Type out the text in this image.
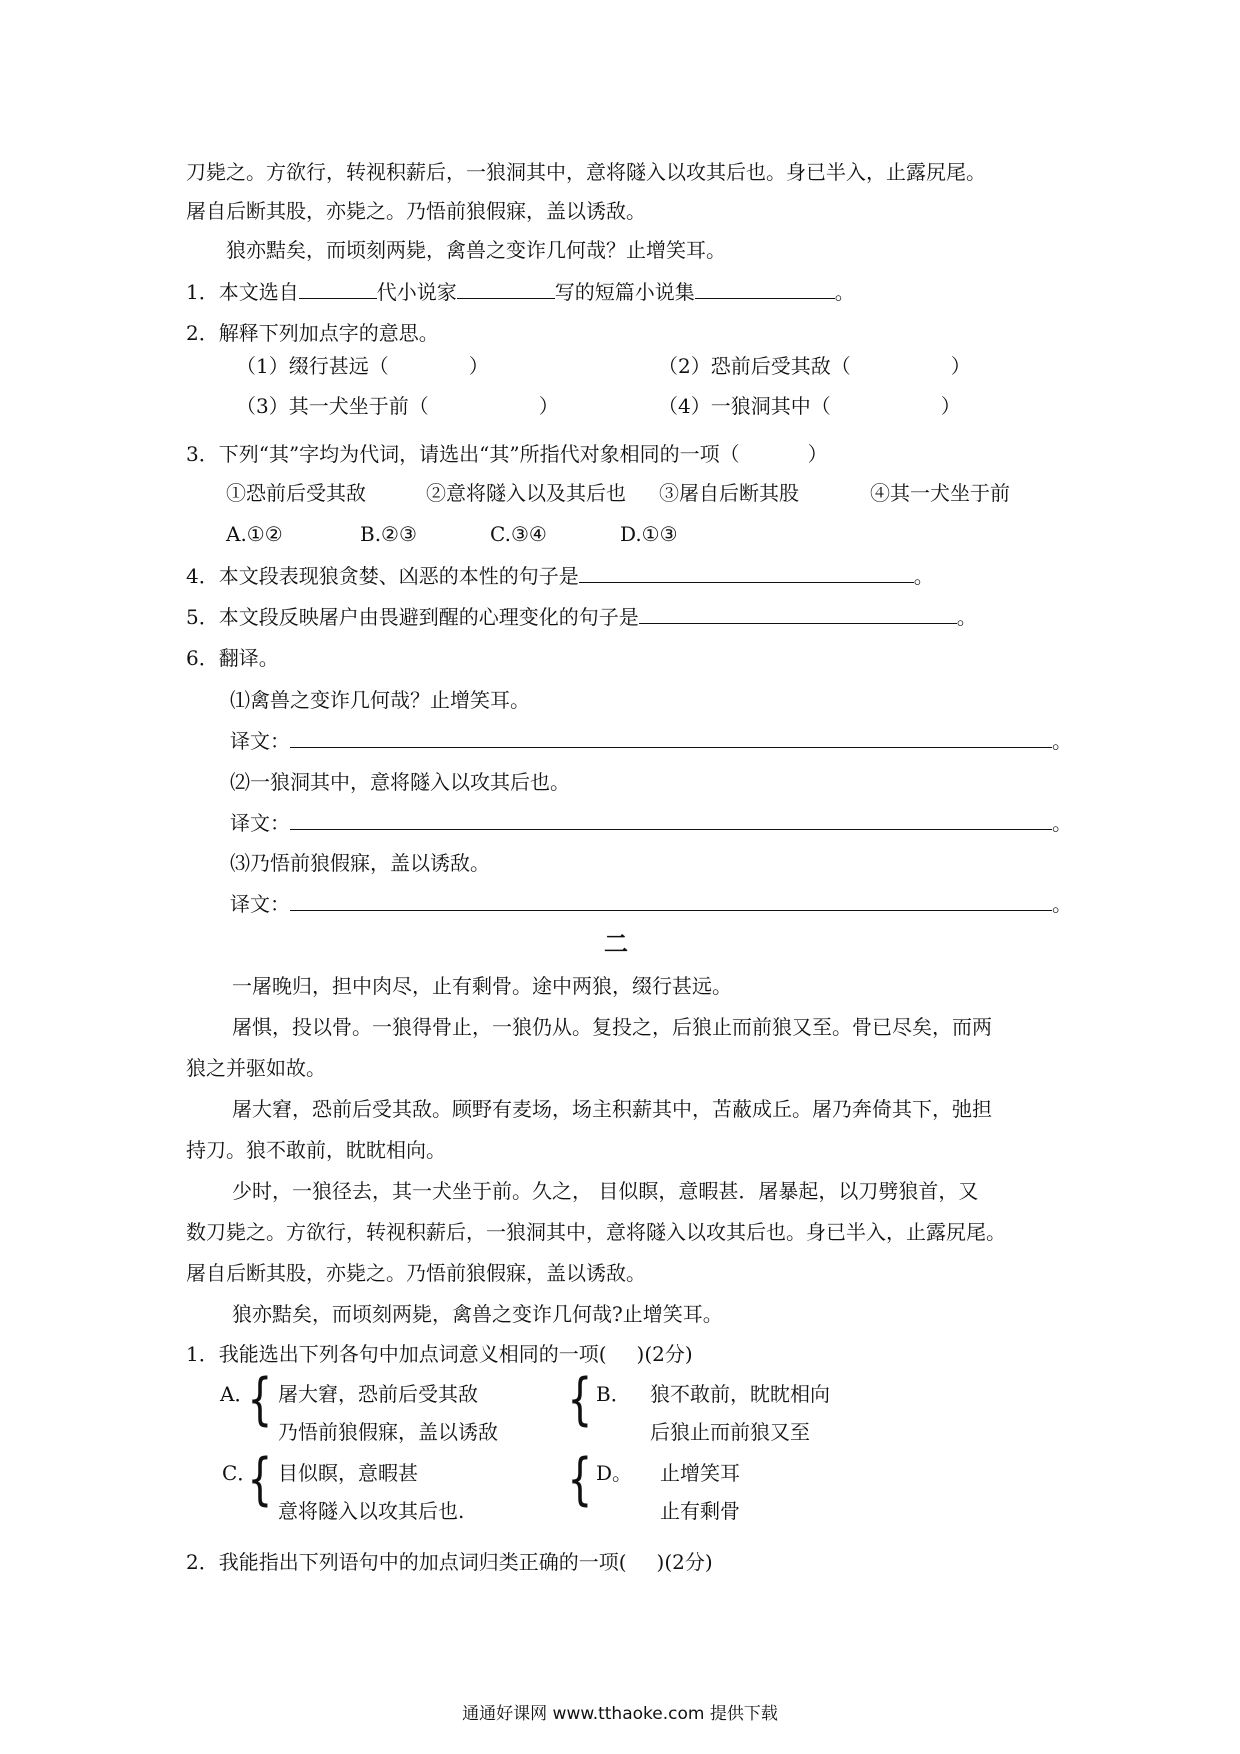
刀毙之。方欲行，转视积薪后，一狼洞其中，意将隧入以攻其后也。身已半入，止露尻尾。
屠自后断其股，亦毙之。乃悟前狼假寐，盖以诱敌。
狼亦黠矣，而顷刻两毙，禽兽之变诈几何哉？止增笑耳。
1．本文选自	代小说家	写的短篇小说集	。
2．解释下列加点字的意思。
（1）缀行甚远（	）	（2）恐前后受其敌（	）
（3）其一犬坐于前（	）	（4）一狼洞其中（	）
3．下列“其”字均为代词，请选出“其”所指代对象相同的一项（	）
①恐前后受其敌	②意将隧入以及其后也 ③屠自后断其股	④其一犬坐于前
A.①②	B.②③	C.③④	D.①③
4．本文段表现狼贪婪、凶恶的本性的句子是	。
5．本文段反映屠户由畏避到醒的心理变化的句子是	。
6．翻译。
⑴禽兽之变诈几何哉？止增笑耳。
译文：	。
⑵一狼洞其中，意将隧入以攻其后也。
译文：	。
⑶乃悟前狼假寐，盖以诱敌。
译文：	。
二
一屠晚归，担中肉尽，止有剩骨。途中两狼，缀行甚远。
屠惧，投以骨。一狼得骨止，一狼仍从。复投之，后狼止而前狼又至。骨已尽矣，而两
狼之并驱如故。
屠大窘，恐前后受其敌。顾野有麦场，场主积薪其中，苫蔽成丘。屠乃奔倚其下，弛担
持刀。狼不敢前，眈眈相向。
少时，一狼径去，其一犬坐于前。久之， 目似瞑，意暇甚．屠暴起，以刀劈狼首，又
数刀毙之。方欲行，转视积薪后，一狼洞其中，意将隧入以攻其后也。身已半入，止露尻尾。
屠自后断其股，亦毙之。乃悟前狼假寐，盖以诱敌。
狼亦黠矣，而顷刻两毙，禽兽之变诈几何哉?止增笑耳。
1．我能选出下列各句中加点词意义相同的一项( )(2分)
A．
{ 屠大窘，恐前后受其敌
乃悟前狼假寐，盖以诱敌 { B． 狼不敢前，眈眈相向
后狼止而前狼又至
C．
{ 目似瞑，意暇甚
意将隧入以攻其后也. { D。 止增笑耳
止有剩骨
2．我能指出下列语句中的加点词归类正确的一项( )(2分)
通通好课网 www.tthaoke.com 提供下载
